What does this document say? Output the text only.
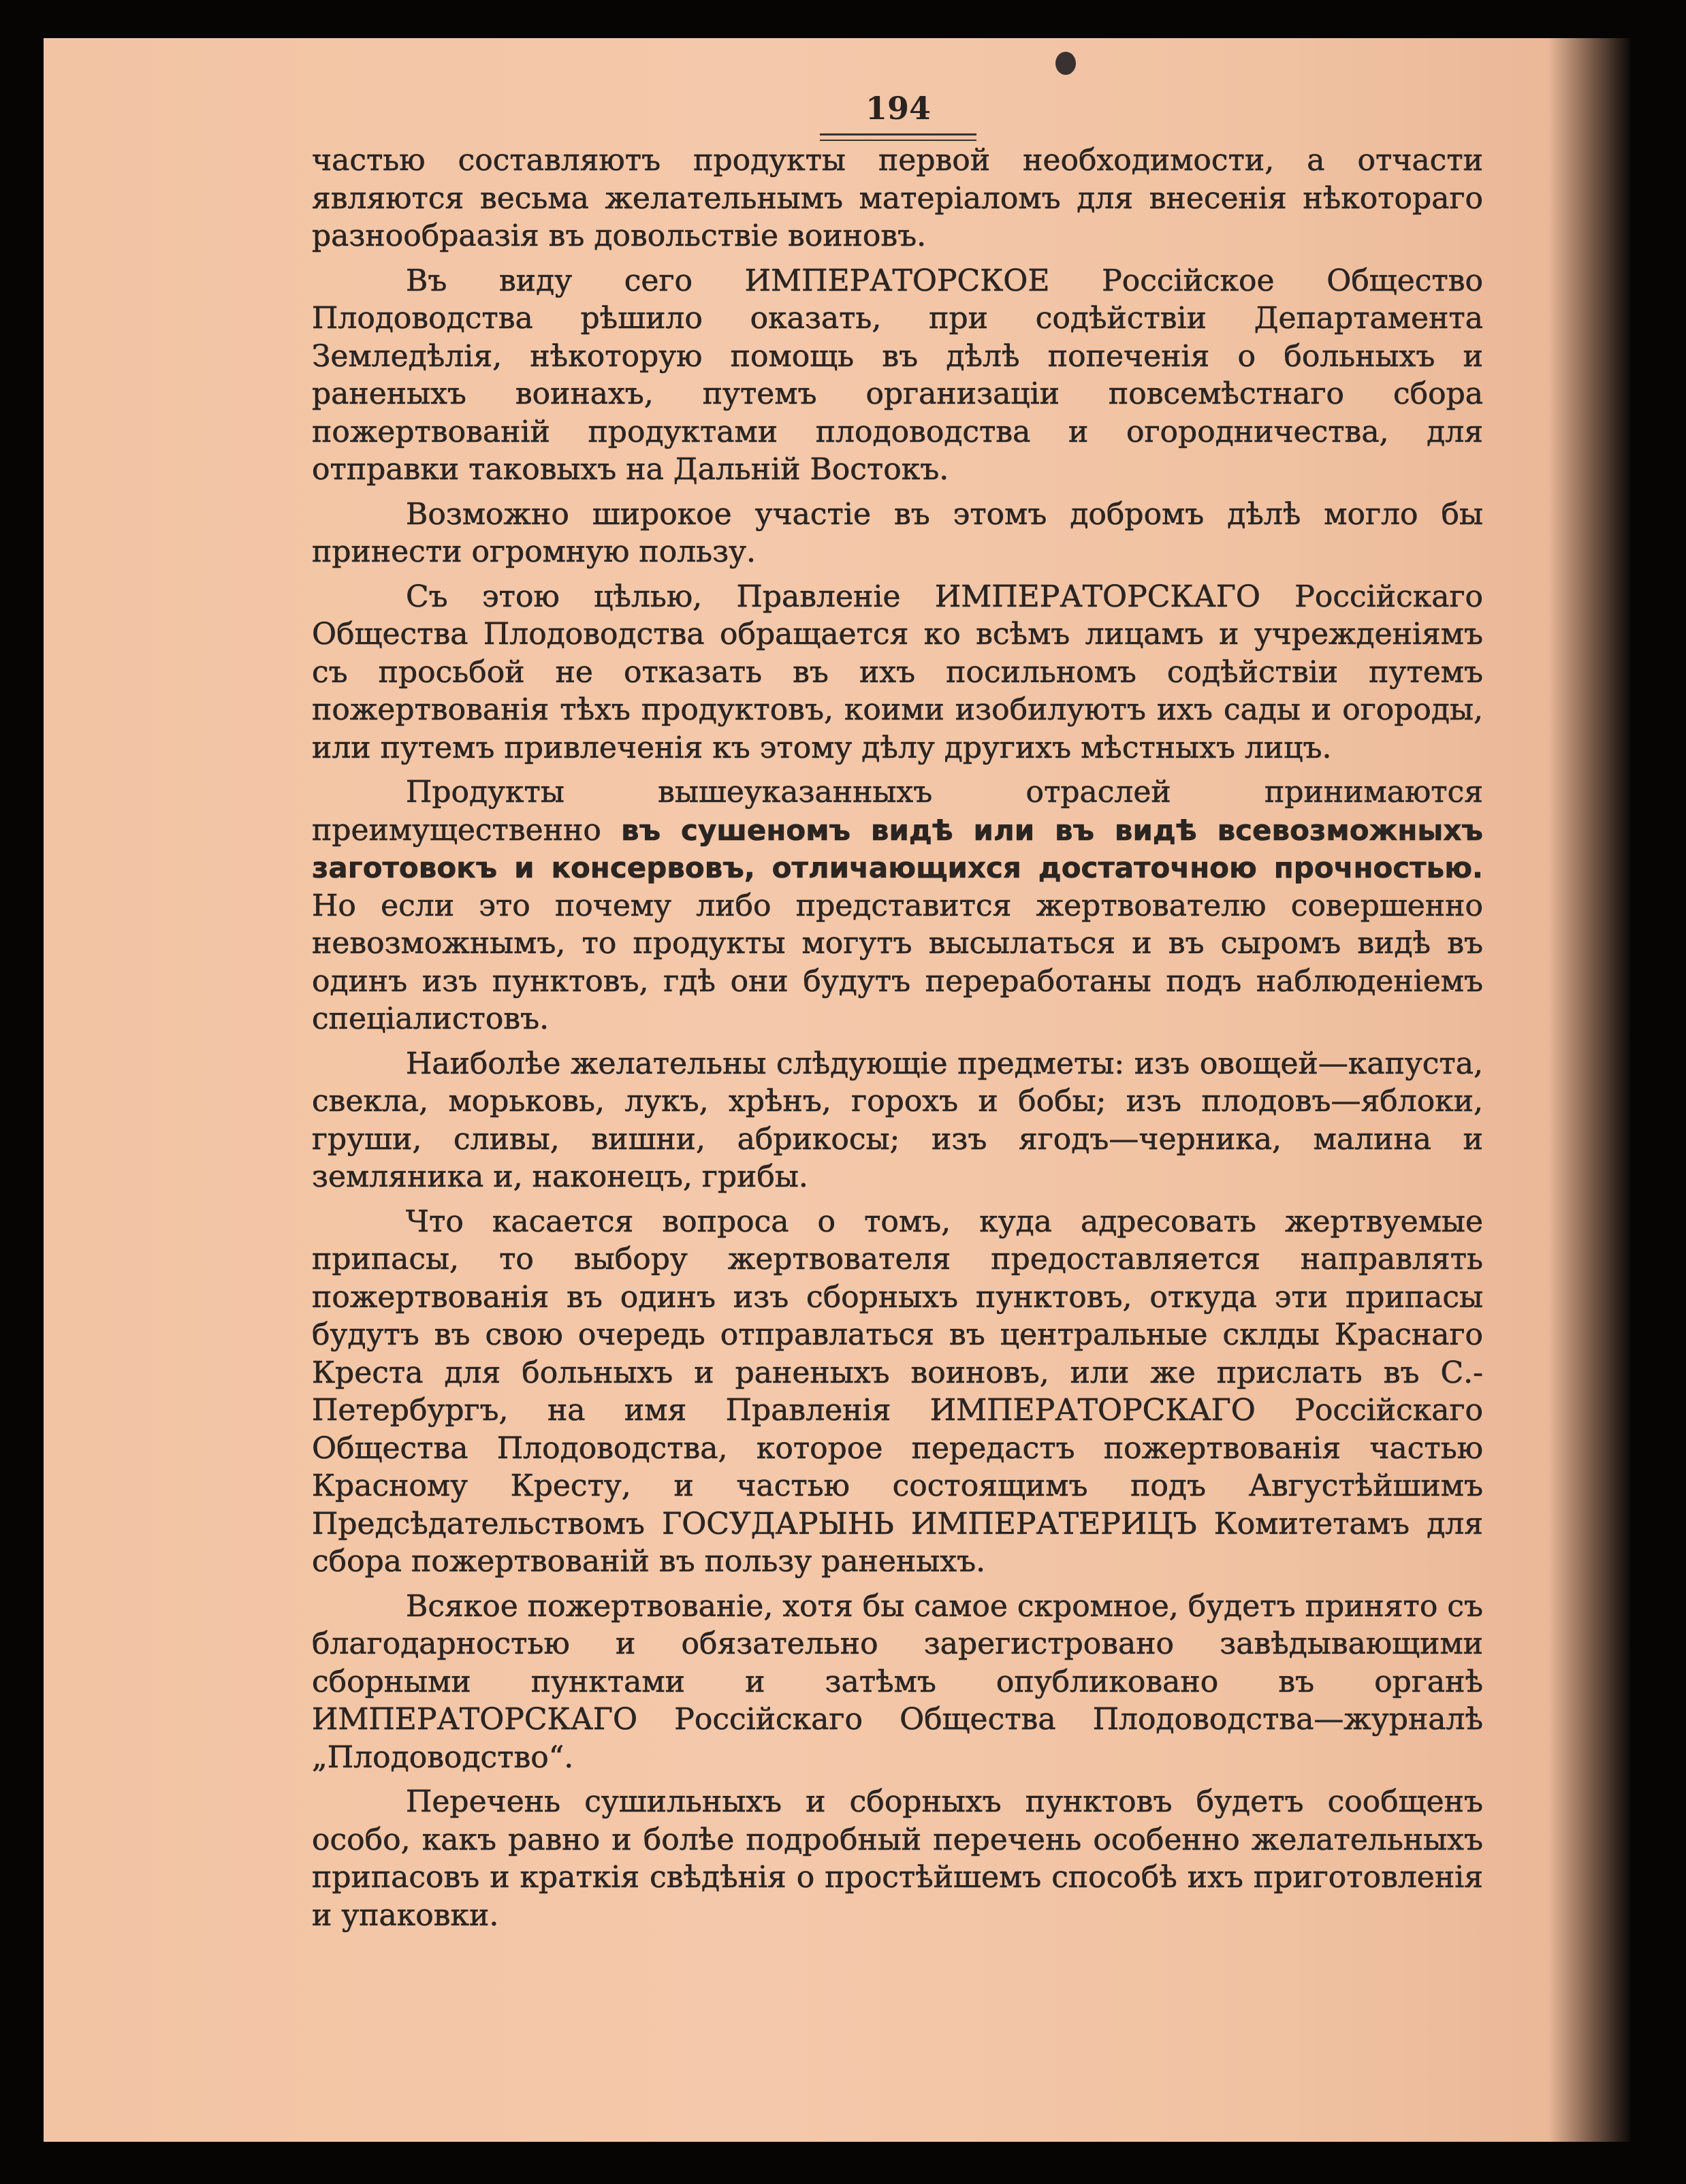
194

частью составляютъ продукты первой необходимости, а отчасти являются весьма желательнымъ матеріаломъ для внесенія нѣкотораго разнообраазія въ довольствіе воиновъ.

Въ виду сего ИМПЕРАТОРСКОЕ Россійское Общество Плодоводства рѣшило оказать, при содѣйствіи Департамента Земледѣлія, нѣкоторую помощь въ дѣлѣ попеченія о больныхъ и раненыхъ воинахъ, путемъ организаціи повсемѣстнаго сбора пожертвованій продуктами плодоводства и огородничества, для отправки таковыхъ на Дальній Востокъ.

Возможно широкое участіе въ этомъ добромъ дѣлѣ могло бы принести огромную пользу.

Съ этою цѣлью, Правленіе ИМПЕРАТОРСКАГО Россійскаго Общества Плодоводства обращается ко всѣмъ лицамъ и учрежденіямъ съ просьбой не отказать въ ихъ посильномъ содѣйствіи путемъ пожертвованія тѣхъ продуктовъ, коими изобилуютъ ихъ сады и огороды, или путемъ привлеченія къ этому дѣлу другихъ мѣстныхъ лицъ.

Продукты вышеуказанныхъ отраслей принимаются преимущественно въ сушеномъ видѣ или въ видѣ всевозможныхъ заготовокъ и консервовъ, отличающихся достаточною прочностью. Но если это почему либо представится жертвователю совершенно невозможнымъ, то продукты могутъ высылаться и въ сыромъ видѣ въ одинъ изъ пунктовъ, гдѣ они будутъ переработаны подъ наблюденіемъ спеціалистовъ.

Наиболѣе желательны слѣдующіе предметы: изъ овощей—капуста, свекла, морьковь, лукъ, хрѣнъ, горохъ и бобы; изъ плодовъ—яблоки, груши, сливы, вишни, абрикосы; изъ ягодъ—черника, малина и земляника и, наконецъ, грибы.

Что касается вопроса о томъ, куда адресовать жертвуемые припасы, то выбору жертвователя предоставляется направлять пожертвованія въ одинъ изъ сборныхъ пунктовъ, откуда эти припасы будутъ въ свою очередь отправлаться въ центральные склды Краснаго Креста для больныхъ и раненыхъ воиновъ, или же прислать въ С.-Петербургъ, на имя Правленія ИМПЕРАТОРСКАГО Россійскаго Общества Плодоводства, которое передастъ пожертвованія частью Красному Кресту, и частью состоящимъ подъ Августѣйшимъ Предсѣдательствомъ ГОСУДАРЫНЬ ИМПЕРАТЕРИЦЪ Комитетамъ для сбора пожертвованій въ пользу раненыхъ.

Всякое пожертвованіе, хотя бы самое скромное, будетъ принято съ благодарностью и обязательно зарегистровано завѣдывающими сборными пунктами и затѣмъ опубликовано въ органѣ ИМПЕРАТОРСКАГО Россійскаго Общества Плодоводства—журналѣ „Плодоводство“.

Перечень сушильныхъ и сборныхъ пунктовъ будетъ сообщенъ особо, какъ равно и болѣе подробный перечень особенно желательныхъ припасовъ и краткія свѣдѣнія о простѣйшемъ способѣ ихъ приготовленія и упаковки.
